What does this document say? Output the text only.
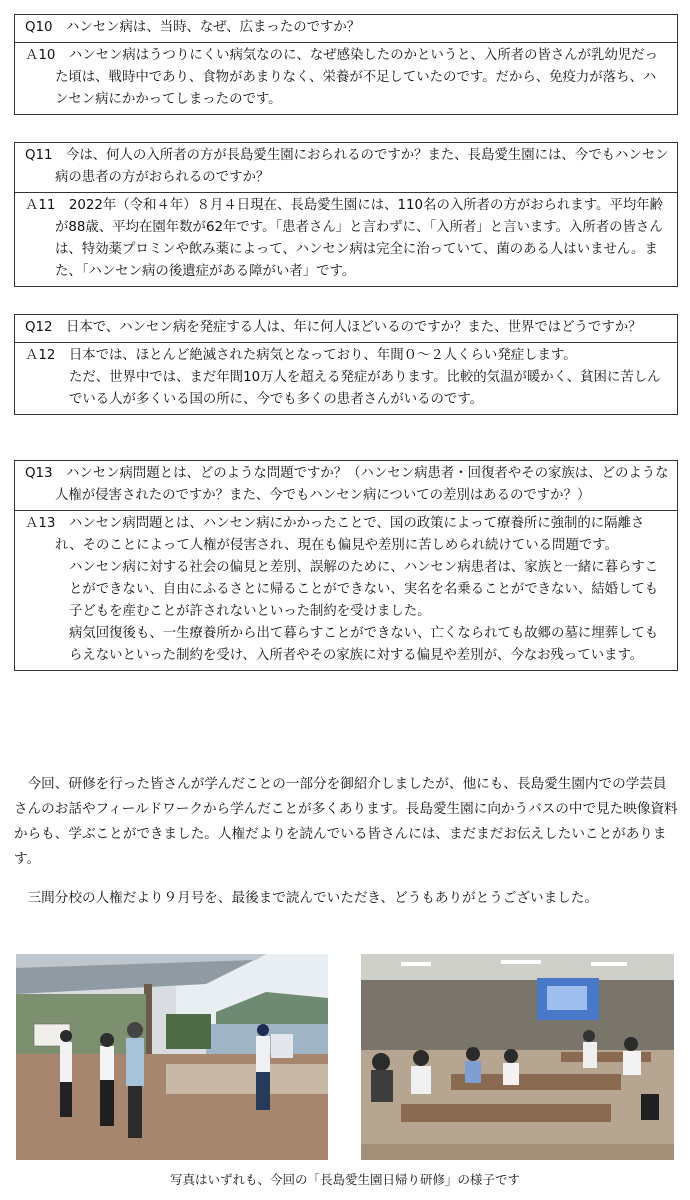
Q10　ハンセン病は、当時、なぜ、広まったのですか？
Ａ10　ハンセン病はうつりにくい病気なのに、なぜ感染したのかというと、入所者の皆さんが乳幼児だった頃は、戦時中であり、食物があまりなく、栄養が不足していたのです。だから、免疫力が落ち、ハンセン病にかかってしまったのです。
Q11　今は、何人の入所者の方が長島愛生園におられるのですか？また、長島愛生園には、今でもハンセン病の患者の方がおられるのですか？
Ａ11　2022年（令和４年）８月４日現在、長島愛生園には、110名の入所者の方がおられます。平均年齢が88歳、平均在園年数が62年です。「患者さん」と言わずに、「入所者」と言います。入所者の皆さんは、特効薬プロミンや飲み薬によって、ハンセン病は完全に治っていて、菌のある人はいません。また、「ハンセン病の後遺症がある障がい者」です。
Q12　日本で、ハンセン病を発症する人は、年に何人ほどいるのですか？また、世界ではどうですか？
Ａ12　日本では、ほとんど絶滅された病気となっており、年間０～２人くらい発症します。
ただ、世界中では、まだ年間10万人を超える発症があります。比較的気温が暖かく、貧困に苦しんでいる人が多くいる国の所に、今でも多くの患者さんがいるのです。
Q13　ハンセン病問題とは、どのような問題ですか？（ハンセン病患者・回復者やその家族は、どのような人権が侵害されたのですか？また、今でもハンセン病についての差別はあるのですか？）
Ａ13　ハンセン病問題とは、ハンセン病にかかったことで、国の政策によって療養所に強制的に隔離され、そのことによって人権が侵害され、現在も偏見や差別に苦しめられ続けている問題です。
ハンセン病に対する社会の偏見と差別、誤解のために、ハンセン病患者は、家族と一緒に暮らすことができない、自由にふるさとに帰ることができない、実名を名乗ることができない、結婚しても子どもを産むことが許されないといった制約を受けました。
病気回復後も、一生療養所から出て暮らすことができない、亡くなられても故郷の墓に埋葬してもらえないといった制約を受け、入所者やその家族に対する偏見や差別が、今なお残っています。

今回、研修を行った皆さんが学んだことの一部分を御紹介しましたが、他にも、長島愛生園内での学芸員さんのお話やフィールドワークから学んだことが多くあります。長島愛生園に向かうバスの中で見た映像資料からも、学ぶことができました。人権だよりを読んでいる皆さんには、まだまだお伝えしたいことがあります。

三間分校の人権だより９月号を、最後まで読んでいただき、どうもありがとうございました。

写真はいずれも、今回の「長島愛生園日帰り研修」の様子です
